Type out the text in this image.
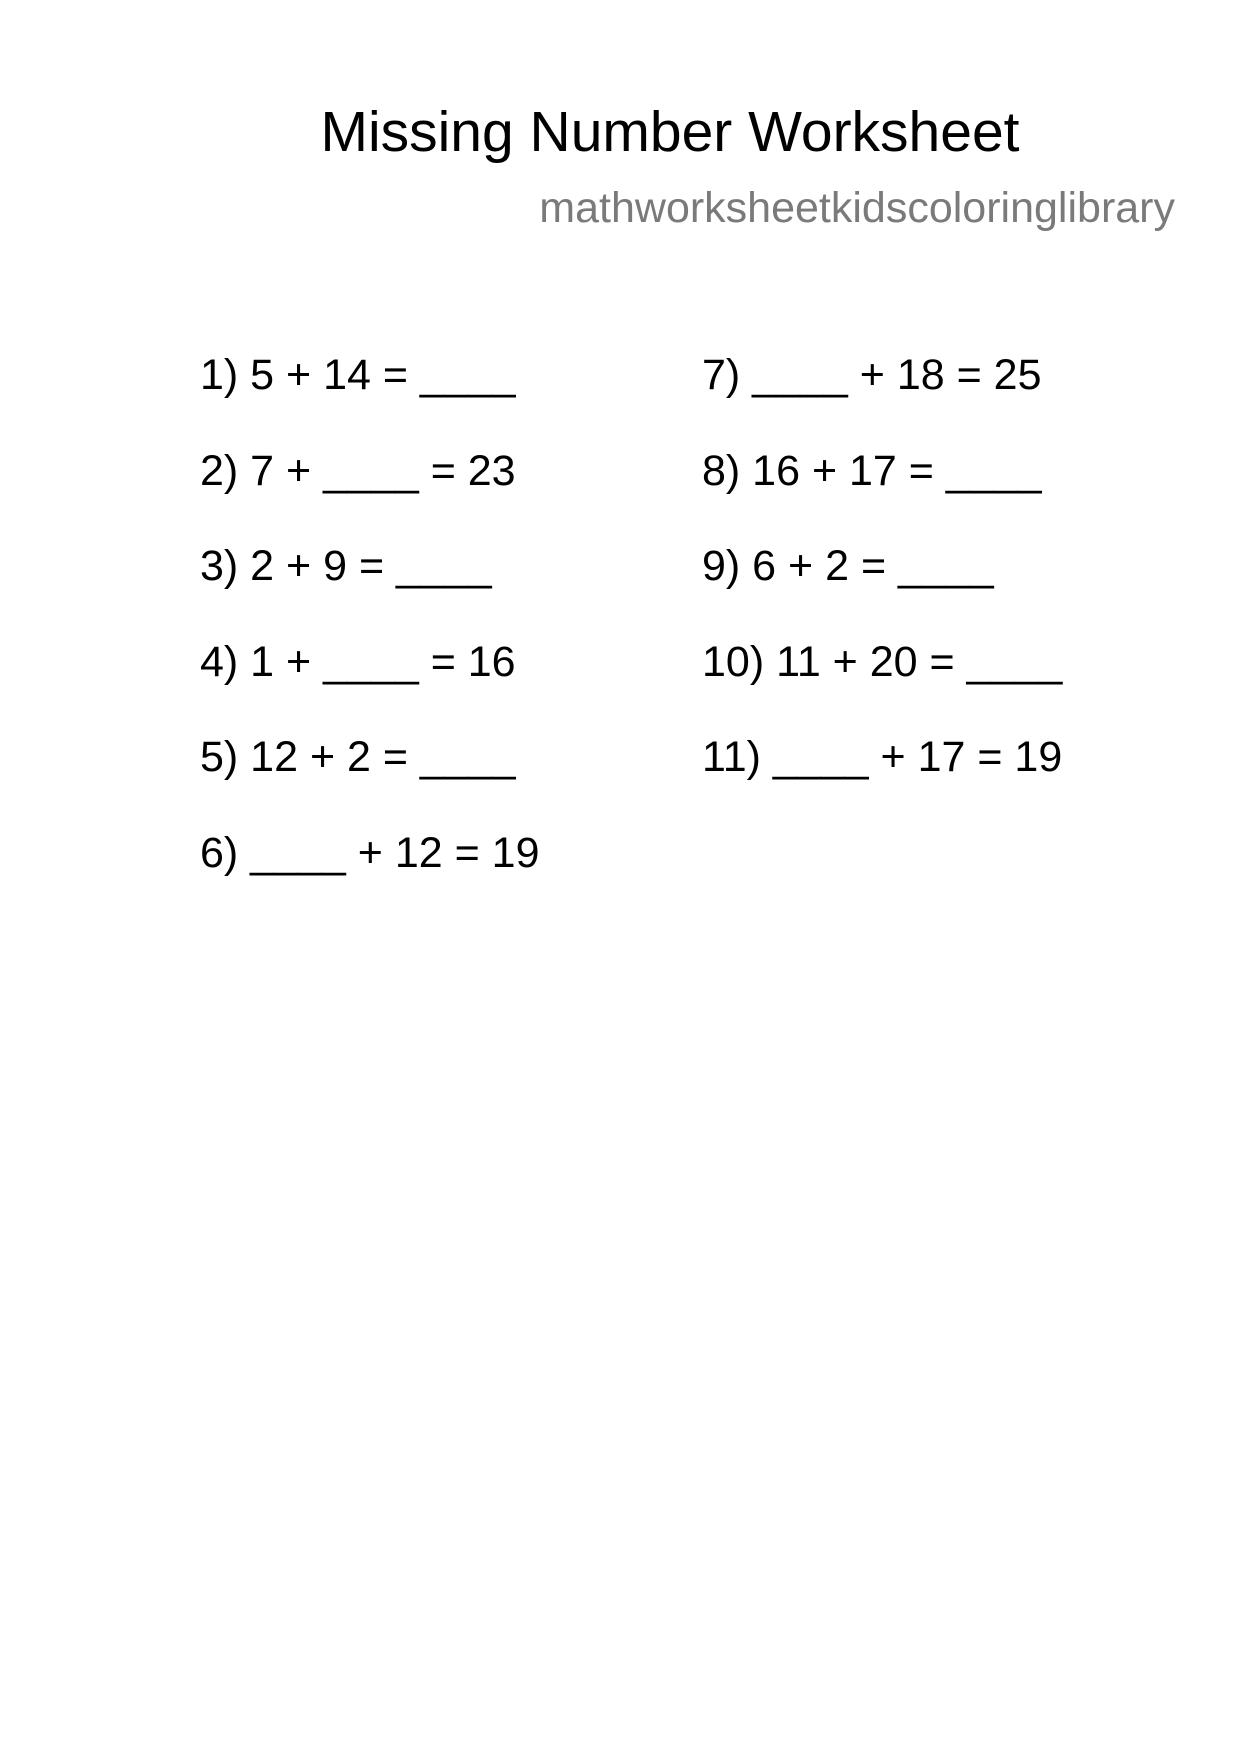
Missing Number Worksheet
mathworksheetkidscoloringlibrary
1) 5 + 14 = ____
2) 7 + ____ = 23
3) 2 + 9 = ____
4) 1 + ____ = 16
5) 12 + 2 = ____
6) ____ + 12 = 19
7) ____ + 18 = 25
8) 16 + 17 = ____
9) 6 + 2 = ____
10) 11 + 20 = ____
11) ____ + 17 = 19
